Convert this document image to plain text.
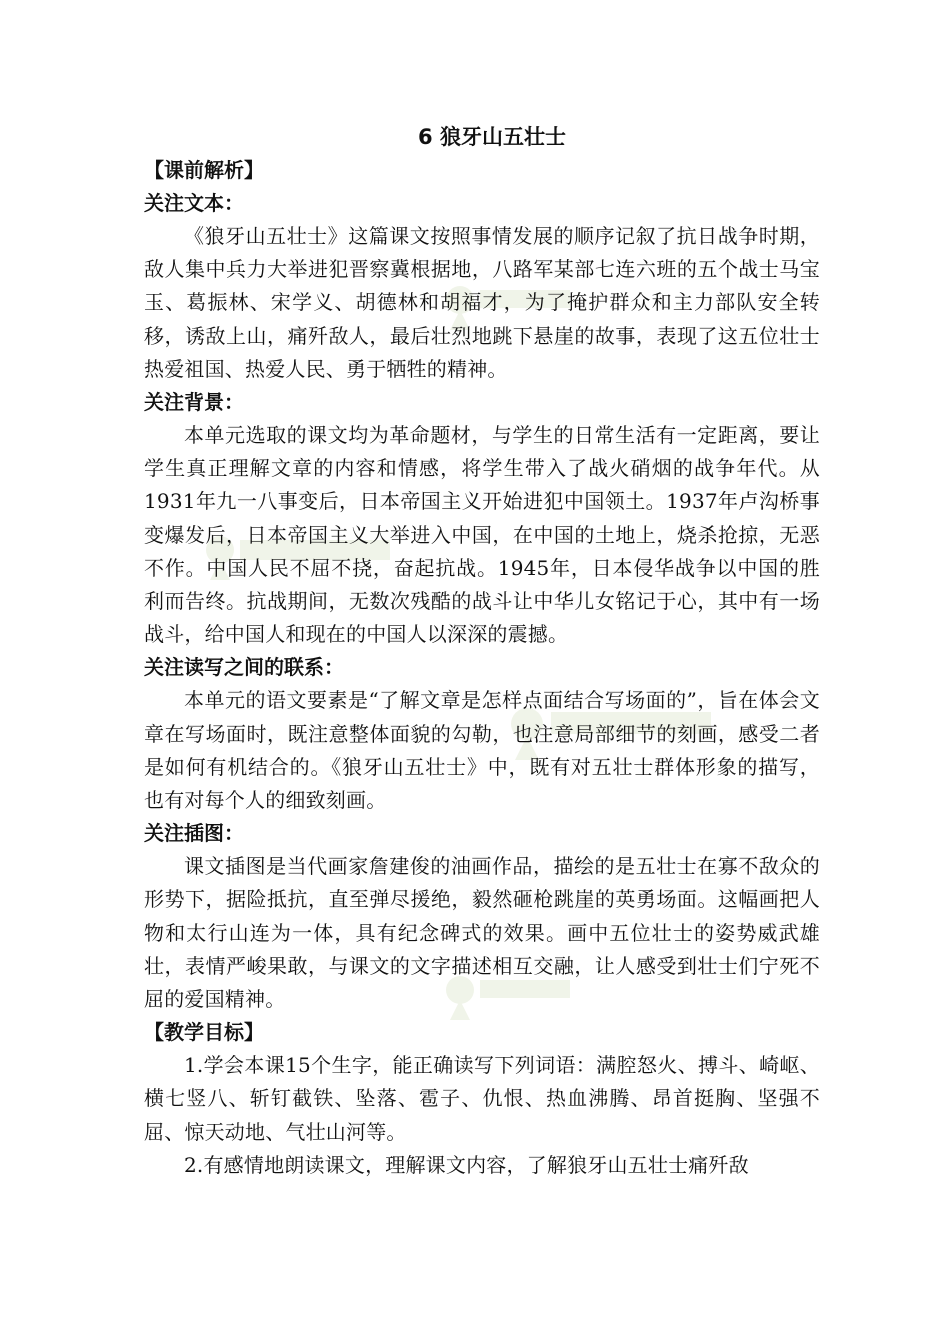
6 狼牙山五壮士
【课前解析】
关注文本：

《狼牙山五壮士》这篇课文按照事情发展的顺序记叙了抗日战争时期，敌人集中兵力大举进犯晋察冀根据地，八路军某部七连六班的五个战士马宝玉、葛振林、宋学义、胡德林和胡福才，为了掩护群众和主力部队安全转移，诱敌上山，痛歼敌人，最后壮烈地跳下悬崖的故事，表现了这五位壮士热爱祖国、热爱人民、勇于牺牲的精神。

关注背景：

本单元选取的课文均为革命题材，与学生的日常生活有一定距离，要让学生真正理解文章的内容和情感，将学生带入了战火硝烟的战争年代。从1931年九一八事变后，日本帝国主义开始进犯中国领土。1937年卢沟桥事变爆发后，日本帝国主义大举进入中国，在中国的土地上，烧杀抢掠，无恶不作。中国人民不屈不挠，奋起抗战。1945年，日本侵华战争以中国的胜利而告终。抗战期间，无数次残酷的战斗让中华儿女铭记于心，其中有一场战斗，给中国人和现在的中国人以深深的震撼。

关注读写之间的联系：

本单元的语文要素是“了解文章是怎样点面结合写场面的”，旨在体会文章在写场面时，既注意整体面貌的勾勒，也注意局部细节的刻画，感受二者是如何有机结合的。《狼牙山五壮士》中，既有对五壮士群体形象的描写，也有对每个人的细致刻画。

关注插图：

课文插图是当代画家詹建俊的油画作品，描绘的是五壮士在寡不敌众的形势下，据险抵抗，直至弹尽援绝，毅然砸枪跳崖的英勇场面。这幅画把人物和太行山连为一体，具有纪念碑式的效果。画中五位壮士的姿势威武雄壮，表情严峻果敢，与课文的文字描述相互交融，让人感受到壮士们宁死不屈的爱国精神。

【教学目标】

1.学会本课15个生字，能正确读写下列词语：满腔怒火、搏斗、崎岖、横七竖八、斩钉截铁、坠落、雹子、仇恨、热血沸腾、昂首挺胸、坚强不屈、惊天动地、气壮山河等。

2.有感情地朗读课文，理解课文内容，了解狼牙山五壮士痛歼敌
